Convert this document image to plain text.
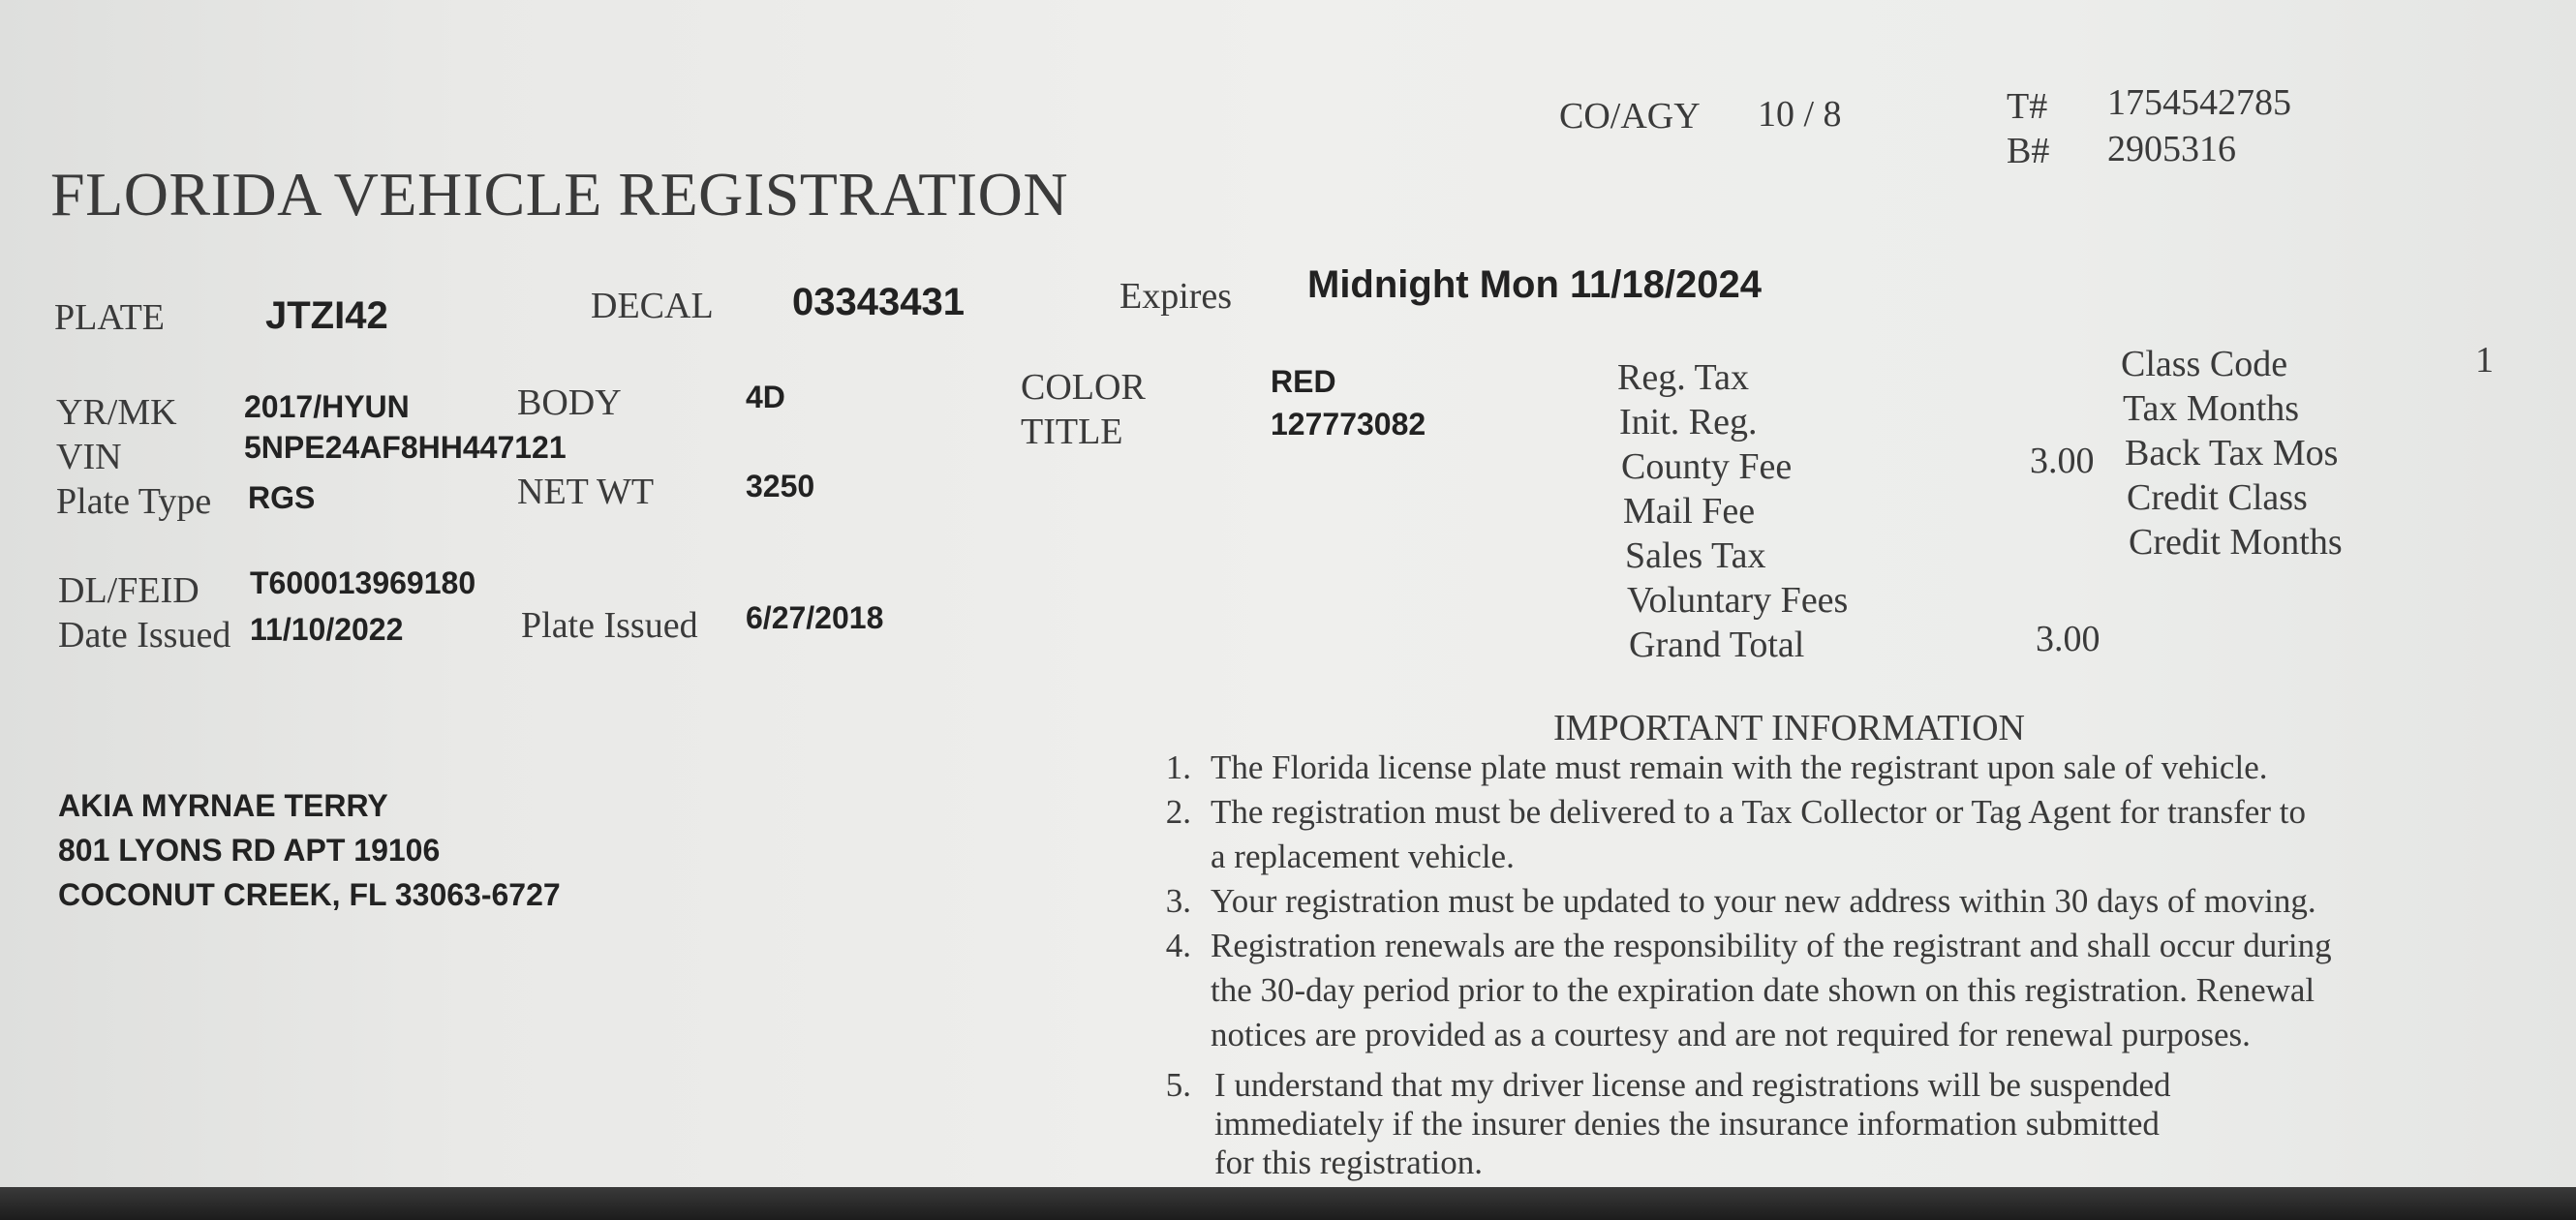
CO/AGY 10 / 8	T# 1754542785
B# 2905316
FLORIDA VEHICLE REGISTRATION
PLATE	JTZI42	DECAL 03343431	Expires Midnight Mon 11/18/2024
YR/MK 2017/HYUN	BODY	4D
VIN	5NPE24AF8HH447121
Plate Type RGS	NET WT	3250
COLOR	RED
TITLE	127773082
DL/FEID T600013969180
Date Issued 11/10/2022	Plate Issued 6/27/2018
Reg. Tax
Init. Reg.
County Fee	3.00
Mail Fee
Sales Tax
Voluntary Fees
Grand Total	3.00
Class Code	1
Tax Months
Back Tax Mos
Credit Class
Credit Months
AKIA MYRNAE TERRY
801 LYONS RD APT 19106
COCONUT CREEK, FL 33063-6727
IMPORTANT INFORMATION
1. The Florida license plate must remain with the registrant upon sale of vehicle.
2. The registration must be delivered to a Tax Collector or Tag Agent for transfer to
a replacement vehicle.
3. Your registration must be updated to your new address within 30 days of moving.
4. Registration renewals are the responsibility of the registrant and shall occur during
the 30-day period prior to the expiration date shown on this registration. Renewal
notices are provided as a courtesy and are not required for renewal purposes.
5. I understand that my driver license and registrations will be suspended
immediately if the insurer denies the insurance information submitted
for this registration.
